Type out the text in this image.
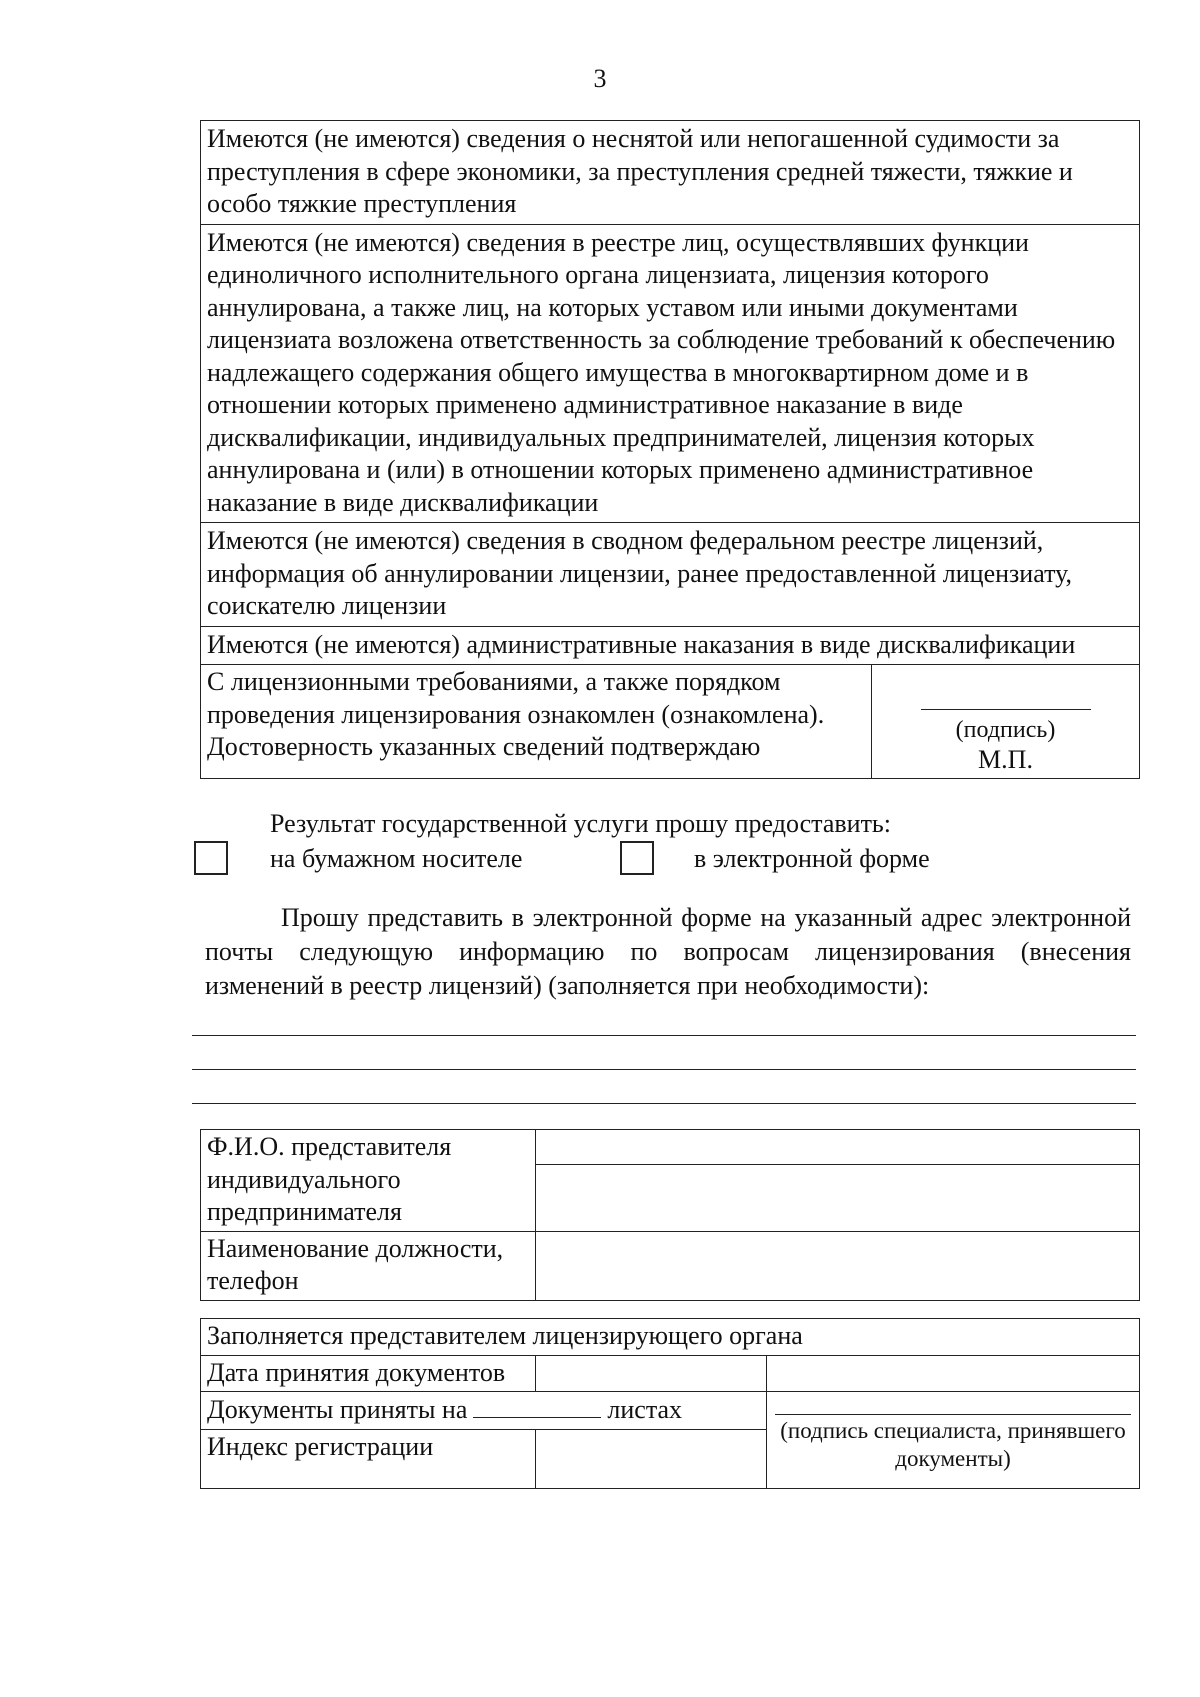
3
Имеются (не имеются) сведения о неснятой или непогашенной судимости за преступления в сфере экономики, за преступления средней тяжести, тяжкие и особо тяжкие преступления
Имеются (не имеются) сведения в реестре лиц, осуществлявших функции единоличного исполнительного органа лицензиата, лицензия которого аннулирована, а также лиц, на которых уставом или иными документами лицензиата возложена ответственность за соблюдение требований к обеспечению надлежащего содержания общего имущества в многоквартирном доме и в отношении которых применено административное наказание в виде дисквалификации, индивидуальных предпринимателей, лицензия которых аннулирована и (или) в отношении которых применено административное наказание в виде дисквалификации
Имеются (не имеются) сведения в сводном федеральном реестре лицензий, информация об аннулировании лицензии, ранее предоставленной лицензиату, соискателю лицензии
Имеются (не имеются) административные наказания в виде дисквалификации
С лицензионными требованиями, а также порядком проведения лицензирования ознакомлен (ознакомлена). Достоверность указанных сведений подтверждаю	
(подпись)
М.П.
Результат государственной услуги прошу предоставить:
на бумажном носителе	в электронной форме
Прошу представить в электронной форме на указанный адрес электронной почты следующую информацию по вопросам лицензирования (внесения изменений в реестр лицензий) (заполняется при необходимости):
Ф.И.О. представителя индивидуального предпринимателя	

Наименование должности, телефон	
Заполняется представителем лицензирующего органа		
Дата принятия документов		
Документы приняты на листах		(подпись специалиста, принявшего документы)

Индекс регистрации		
